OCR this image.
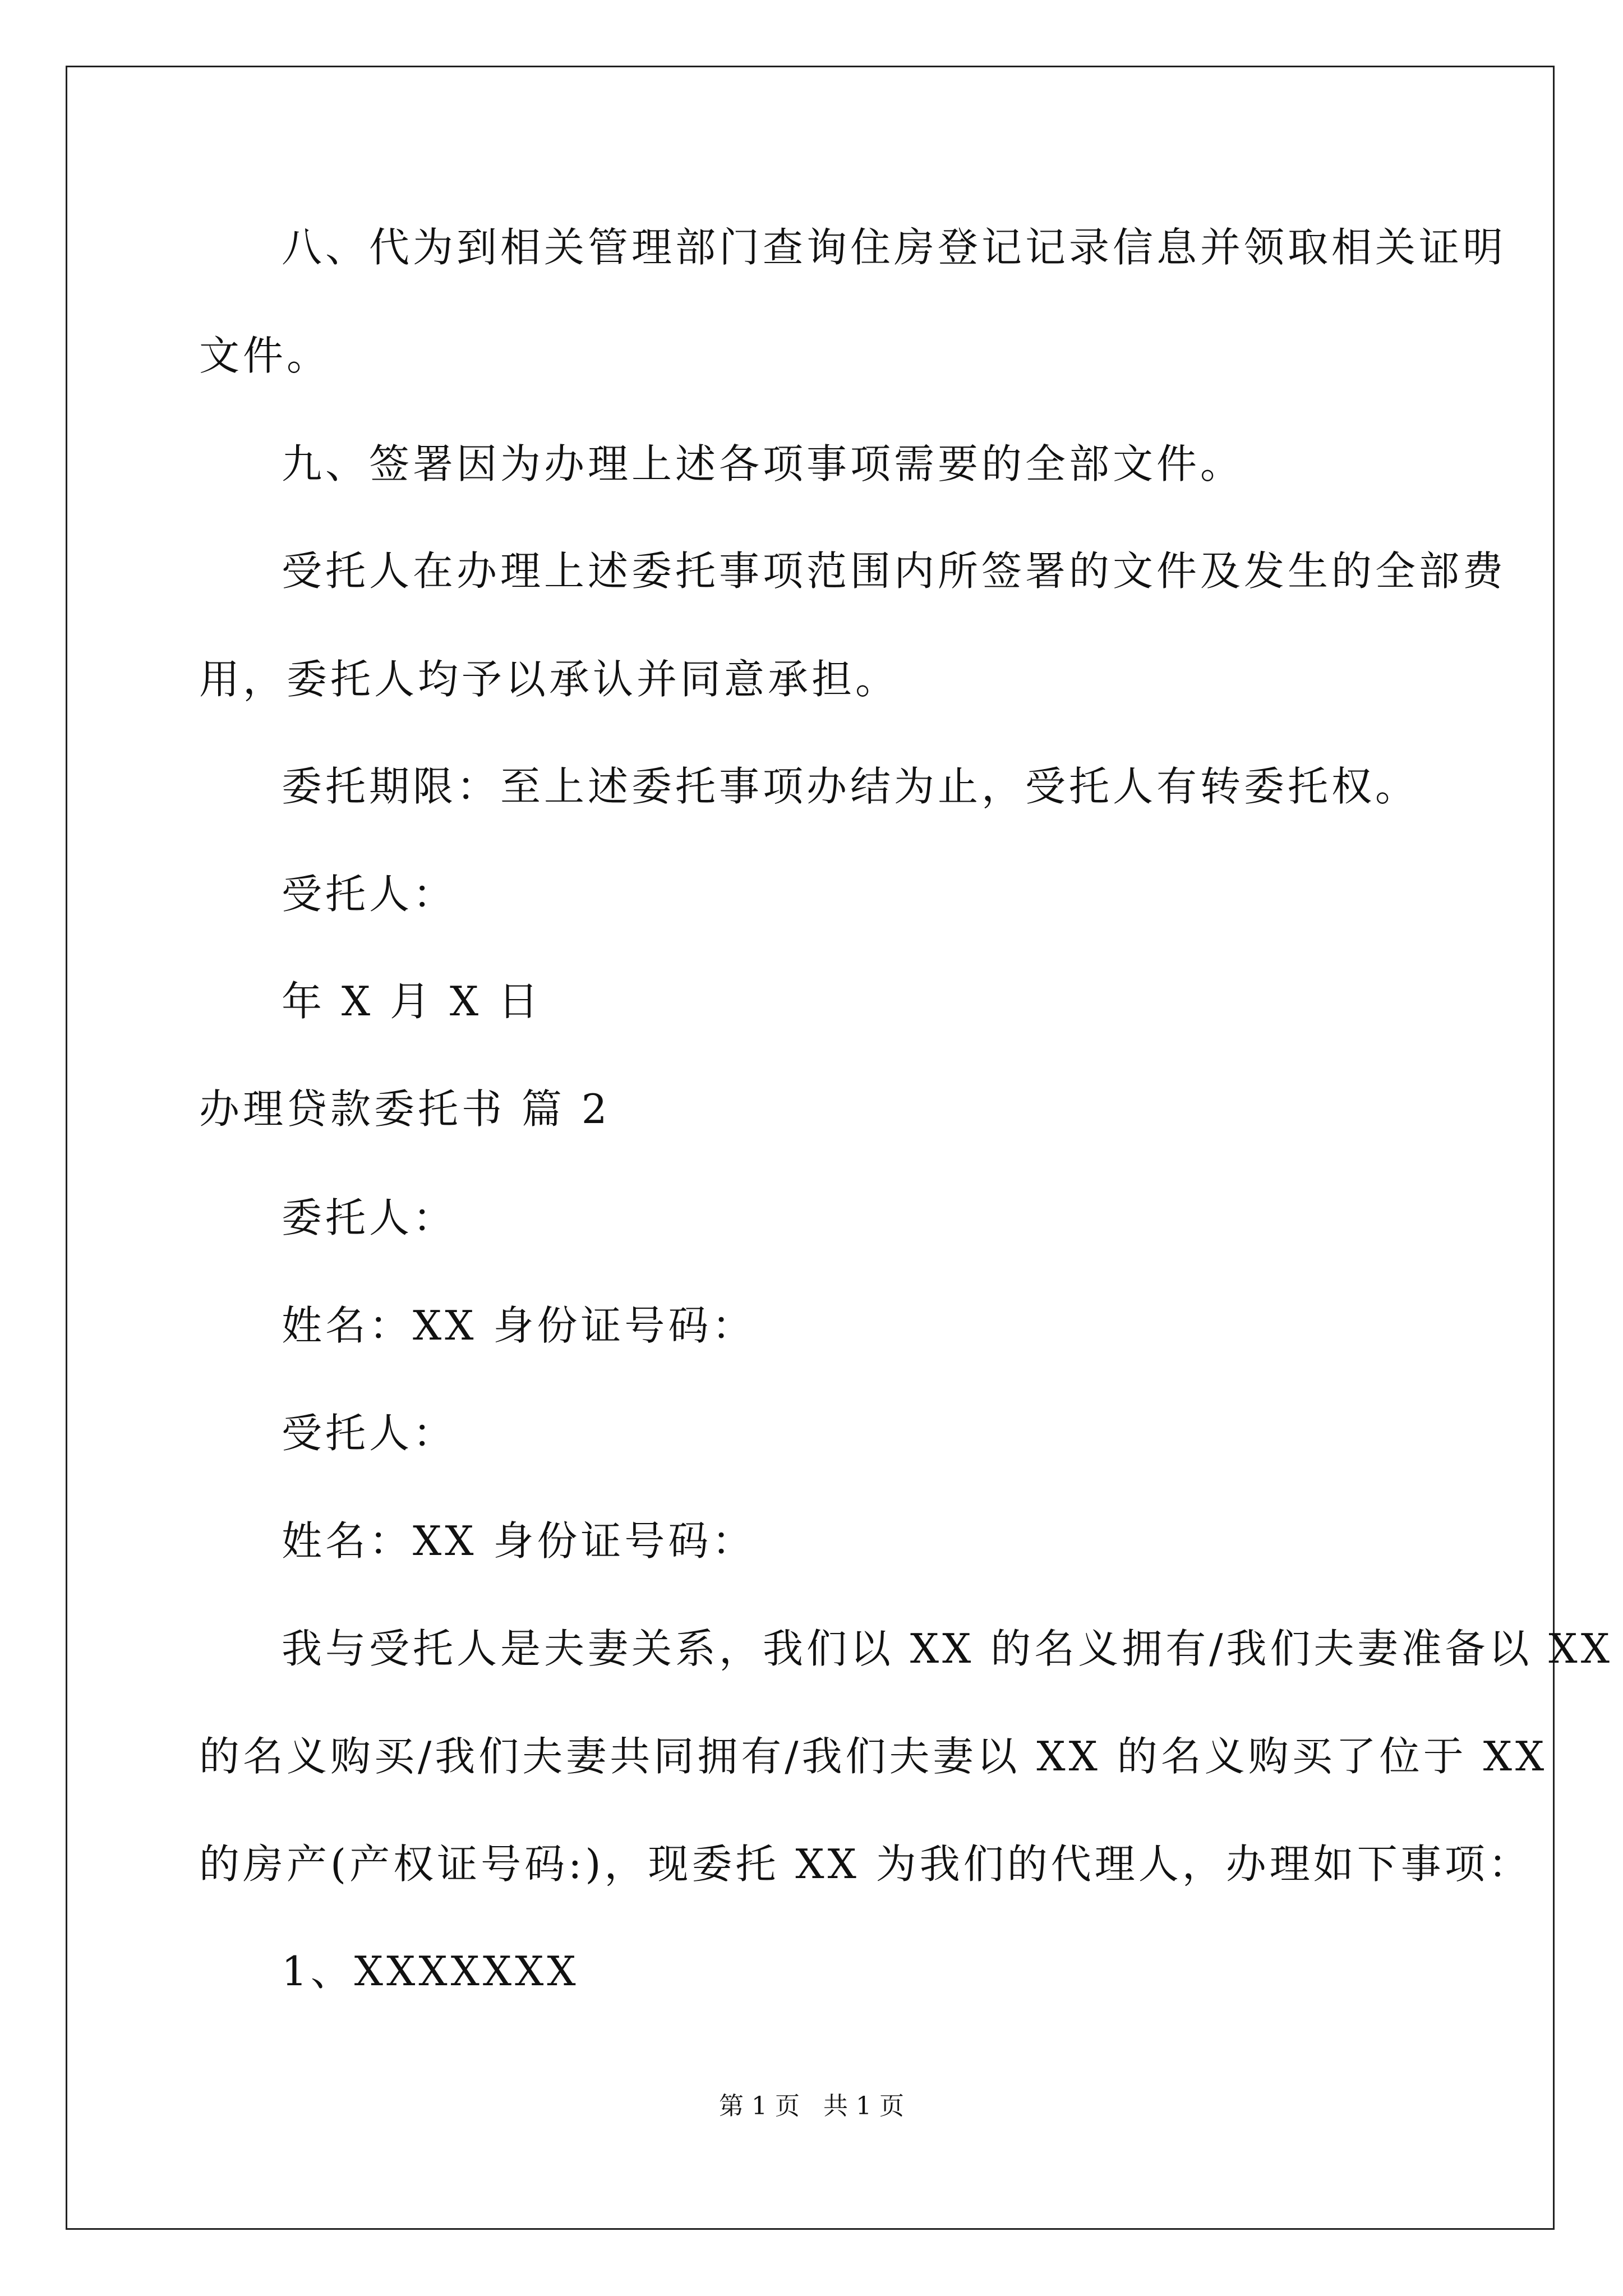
八、代为到相关管理部门查询住房登记记录信息并领取相关证明
文件。
九、签署因为办理上述各项事项需要的全部文件。
受托人在办理上述委托事项范围内所签署的文件及发生的全部费
用，委托人均予以承认并同意承担。
委托期限：至上述委托事项办结为止，受托人有转委托权。
受托人：
年 X 月 X 日
办理贷款委托书 篇 2
委托人：
姓名：XX 身份证号码：
受托人：
姓名：XX 身份证号码：
我与受托人是夫妻关系，我们以 XX 的名义拥有/我们夫妻准备以 XX
的名义购买/我们夫妻共同拥有/我们夫妻以 XX 的名义购买了位于 XX
的房产(产权证号码:)，现委托 XX 为我们的代理人，办理如下事项：
1、XXXXXXX
第 1 页   共 1 页
